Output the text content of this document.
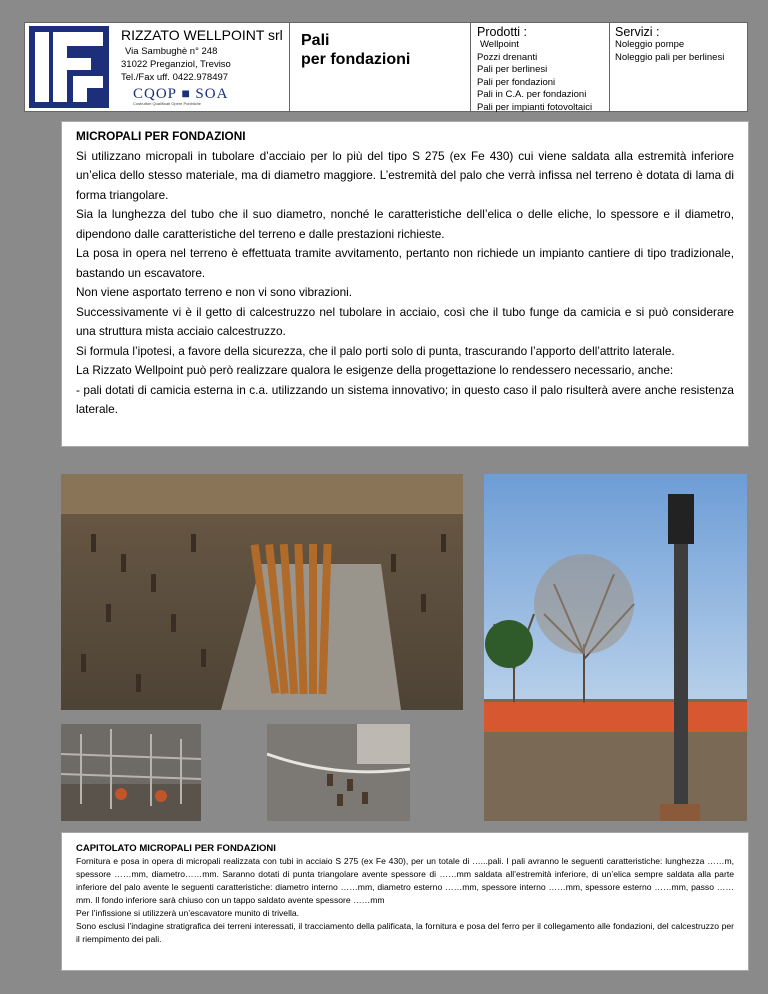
RIZZATO WELLPOINT srl
Via Sambughè n° 248
31022 Preganziol, Treviso
Tel./Fax uff. 0422.978497
CQOP ■ SOA
Costruttori Qualificati Opere Pubbliche
Pali
per fondazioni
Prodotti :
Wellpoint
Pozzi drenanti
Pali per berlinesi
Pali per fondazioni
Pali in C.A. per fondazioni
Pali per impianti fotovoltaici
Servizi :
Noleggio pompe
Noleggio pali per berlinesi

MICROPALI PER FONDAZIONI

Si utilizzano micropali in tubolare d’acciaio per lo più del tipo S 275 (ex Fe 430) cui viene saldata alla estremità inferiore un’elica dello stesso materiale, ma di diametro maggiore. L’estremità del palo che verrà infissa nel terreno è dotata di lama di forma triangolare.

Sia la lunghezza del tubo che il suo diametro, nonché le caratteristiche dell’elica o delle eliche, lo spessore e il diametro, dipendono dalle caratteristiche del terreno e dalle prestazioni richieste.

La posa in opera nel terreno è effettuata tramite avvitamento, pertanto non richiede un impianto cantiere di tipo tradizionale, bastando un escavatore.

Non viene asportato terreno e non vi sono vibrazioni.

Successivamente vi è il getto di calcestruzzo nel tubolare in acciaio, così che il tubo funge da camicia e si può considerare una struttura mista acciaio calcestruzzo.

Si formula l’ipotesi, a favore della sicurezza, che il palo porti solo di punta, trascurando l’apporto dell’attrito laterale.

La Rizzato Wellpoint può però realizzare qualora le esigenze della progettazione lo rendessero necessario, anche:

- pali dotati di camicia esterna in c.a. utilizzando un sistema innovativo; in questo caso il palo risulterà avere anche resistenza laterale.

CAPITOLATO MICROPALI PER FONDAZIONI

Fornitura e posa in opera di micropali realizzata con tubi in acciaio S 275 (ex Fe 430), per un totale di …...pali. I pali avranno le seguenti caratteristiche: lunghezza ……m, spessore ……mm, diametro……mm. Saranno dotati di punta triangolare avente spessore di ……mm saldata all’estremità inferiore, di un’elica sempre saldata alla parte inferiore del palo avente le seguenti caratteristiche: diametro interno ……mm, diametro esterno ……mm, spessore interno ……mm, spessore esterno ……mm, passo ……mm. Il fondo inferiore sarà chiuso con un tappo saldato avente spessore ……mm

Per l’infissione si utilizzerà un’escavatore munito di trivella.

Sono esclusi l’indagine stratigrafica dei terreni interessati, il tracciamento della palificata, la fornitura e posa del ferro per il collegamento alle fondazioni, del calcestruzzo per il riempimento dei pali.
